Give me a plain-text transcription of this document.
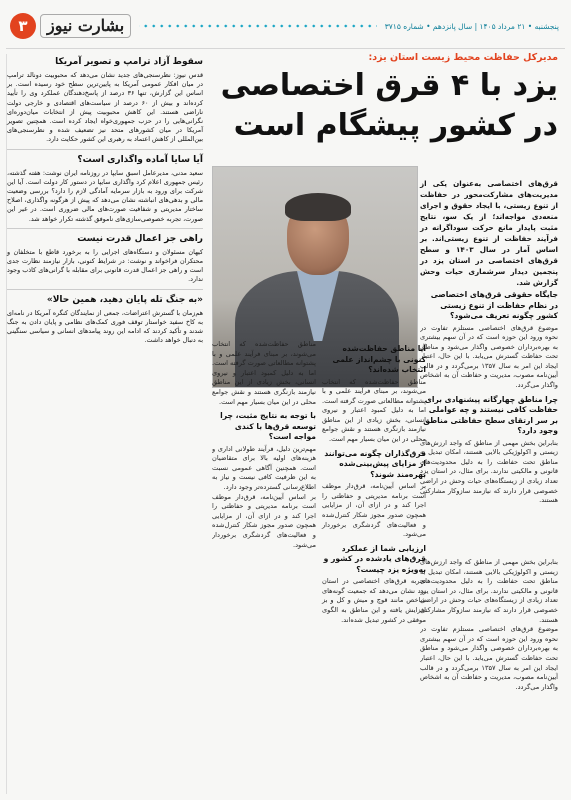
پنجشنبه • ۲۱ مرداد ۱۴۰۵ | سال پانزدهم • شماره ۳۷۱۵
بشارت نیوز
۳
مدیرکل حفاظت محیط زیست استان یزد:
یزد با ۴ قرق اختصاصی در کشور پیشگام است
قرق‌های اختصاصی به‌عنوان یکی از مدیریت‌های مشارکت‌محور در حفاظت از تنوع زیستی، با ایجاد حقوق و اجرای منعه‌دی مواجه‌اند؛ از یک سو، نتایج مثبت پایدار مانع حرکت سوداگرانه در فرآیند حفاظت از تنوع زیستی‌اند. بر اساس آمار در سال ۱۴۰۳ و سطح قرق‌های اختصاصی در استان یزد در پنجمین دیدار سرشماری حیات وحش گزارش شد.

جایگاه حقوقی قرق‌های اختصاصی در نظام حفاظت از تنوع زیستی کشور چگونه تعریف می‌شود؟

موضوع قرق‌های اختصاصی مستلزم تفاوت در نحوه ورود این حوزه است که در آن سهم بیشتری به بهره‌برداران خصوصی واگذار می‌شود و مناطق تحت حفاظت گسترش می‌یابد. با این حال، اعتبار ایجاد این امر به سال ۱۳۵۷ برمی‌گردد و در قالب آیین‌نامه مصوب، مدیریت و حفاظت آن به اشخاص واگذار می‌گردد.

چرا مناطق چهارگانه پیشنهادی برای حفاظت کافی نیستند و چه عواملی بر سر ارتقای سطح حفاظتی مناطق وجود دارد؟

بنابراین بخش مهمی از مناطق که واجد ارزش‌های زیستی و اکولوژیکی بالایی هستند، امکان تبدیل به مناطق تحت حفاظت را به دلیل محدودیت‌های قانونی و مالکیتی ندارند. برای مثال، در استان یزد تعداد زیادی از زیستگاه‌های حیات وحش در اراضی خصوصی قرار دارند که نیازمند سازوکار مشارکتی هستند.

بنابراین بخش مهمی از مناطق که واجد ارزش‌های زیستی و اکولوژیکی بالایی هستند، امکان تبدیل به مناطق تحت حفاظت را به دلیل محدودیت‌های قانونی و مالکیتی ندارند. برای مثال، در استان یزد تعداد زیادی از زیستگاه‌های حیات وحش در اراضی خصوصی قرار دارند که نیازمند سازوکار مشارکتی هستند.

موضوع قرق‌های اختصاصی مستلزم تفاوت در نحوه ورود این حوزه است که در آن سهم بیشتری به بهره‌برداران خصوصی واگذار می‌شود و مناطق تحت حفاظت گسترش می‌یابد. با این حال، اعتبار ایجاد این امر به سال ۱۳۵۷ برمی‌گردد و در قالب آیین‌نامه مصوب، مدیریت و حفاظت آن به اشخاص واگذار می‌گردد.

آیا مناطق حفاظت‌شده کنونی با چشم‌انداز علمی انتخاب شده‌اند؟

مناطق حفاظت‌شده که انتخاب می‌شوند، بر مبنای فرآیند علمی و با پشتوانه مطالعاتی صورت گرفته است. اما به دلیل کمبود اعتبار و نیروی انسانی، بخش زیادی از این مناطق نیازمند بازنگری هستند و نقش جوامع محلی در این میان بسیار مهم است.

قرق‌گذاران چگونه می‌توانند از مزایای پیش‌بینی‌شده بهره‌مند شوند؟

بر اساس آیین‌نامه، قرق‌دار موظف است برنامه مدیریتی و حفاظتی را اجرا کند و در ازای آن، از مزایایی همچون صدور مجوز شکار کنترل‌شده و فعالیت‌های گردشگری برخوردار می‌شود.

ارزیابی شما از عملکرد قرق‌های یادشده در کشور و به‌ویژه یزد چیست؟

تجربه قرق‌های اختصاصی در استان یزد نشان می‌دهد که جمعیت گونه‌های شاخص مانند قوچ و میش و کل و بز افزایش یافته و این مناطق به الگوی موفقی در کشور تبدیل شده‌اند.

مناطق حفاظت‌شده که انتخاب می‌شوند، بر مبنای فرآیند علمی و با پشتوانه مطالعاتی صورت گرفته است. اما به دلیل کمبود اعتبار و نیروی انسانی، بخش زیادی از این مناطق نیازمند بازنگری هستند و نقش جوامع محلی در این میان بسیار مهم است.

با توجه به نتایج مثبت، چرا توسعه قرق‌ها با کندی مواجه است؟

مهم‌ترین دلیل، فرآیند طولانی اداری و هزینه‌های اولیه بالا برای متقاضیان است. همچنین آگاهی عمومی نسبت به این ظرفیت کافی نیست و نیاز به اطلاع‌رسانی گسترده‌تر وجود دارد.

بر اساس آیین‌نامه، قرق‌دار موظف است برنامه مدیریتی و حفاظتی را اجرا کند و در ازای آن، از مزایایی همچون صدور مجوز شکار کنترل‌شده و فعالیت‌های گردشگری برخوردار می‌شود.

سقوط آزاد ترامپ و تصویر آمریکا

قدس نیوز: نظرسنجی‌های جدید نشان می‌دهد که محبوبیت دونالد ترامپ در میان افکار عمومی آمریکا به پایین‌ترین سطح خود رسیده است. بر اساس این گزارش، تنها ۳۶ درصد از پاسخ‌دهندگان عملکرد وی را تأیید کرده‌اند و بیش از ۶۰ درصد از سیاست‌های اقتصادی و خارجی دولت ناراضی هستند. این کاهش محبوبیت پیش از انتخابات میان‌دوره‌ای نگرانی‌هایی را در حزب جمهوری‌خواه ایجاد کرده است. همچنین تصویر آمریکا در میان کشورهای متحد نیز تضعیف شده و نظرسنجی‌های بین‌المللی از کاهش اعتماد به رهبری این کشور حکایت دارد.

آیا سایا آماده واگذاری است؟

سعید مدنی، مدیرعامل اسبق سایپا در روزنامه ایران نوشت: هفته گذشته، رئیس جمهوری اعلام کرد واگذاری سایپا در دستور کار دولت است. آیا این شرکت برای ورود به بازار سرمایه آمادگی لازم را دارد؟ بررسی وضعیت مالی و بدهی‌های انباشته نشان می‌دهد که پیش از هرگونه واگذاری، اصلاح ساختار مدیریتی و شفافیت صورت‌های مالی ضروری است. در غیر این صورت، تجربه خصوصی‌سازی‌های ناموفق گذشته تکرار خواهد شد.

راهی جز اعمال قدرت نیست

کیهان مسئولان و دستگاه‌های اجرایی را به برخورد قاطع با متخلفان و محتکران فراخواند و نوشت: در شرایط کنونی، بازار نیازمند نظارت جدی است و راهی جز اعمال قدرت قانونی برای مقابله با گرانی‌های کاذب وجود ندارد.

«به جنگ تله پایان دهید، همین حالا»

هم‌زمان با گسترش اعتراضات، جمعی از نمایندگان کنگره آمریکا در نامه‌ای به کاخ سفید خواستار توقف فوری کمک‌های نظامی و پایان دادن به جنگ شدند و تأکید کردند که ادامه این روند پیامدهای انسانی و سیاسی سنگینی به دنبال خواهد داشت.
